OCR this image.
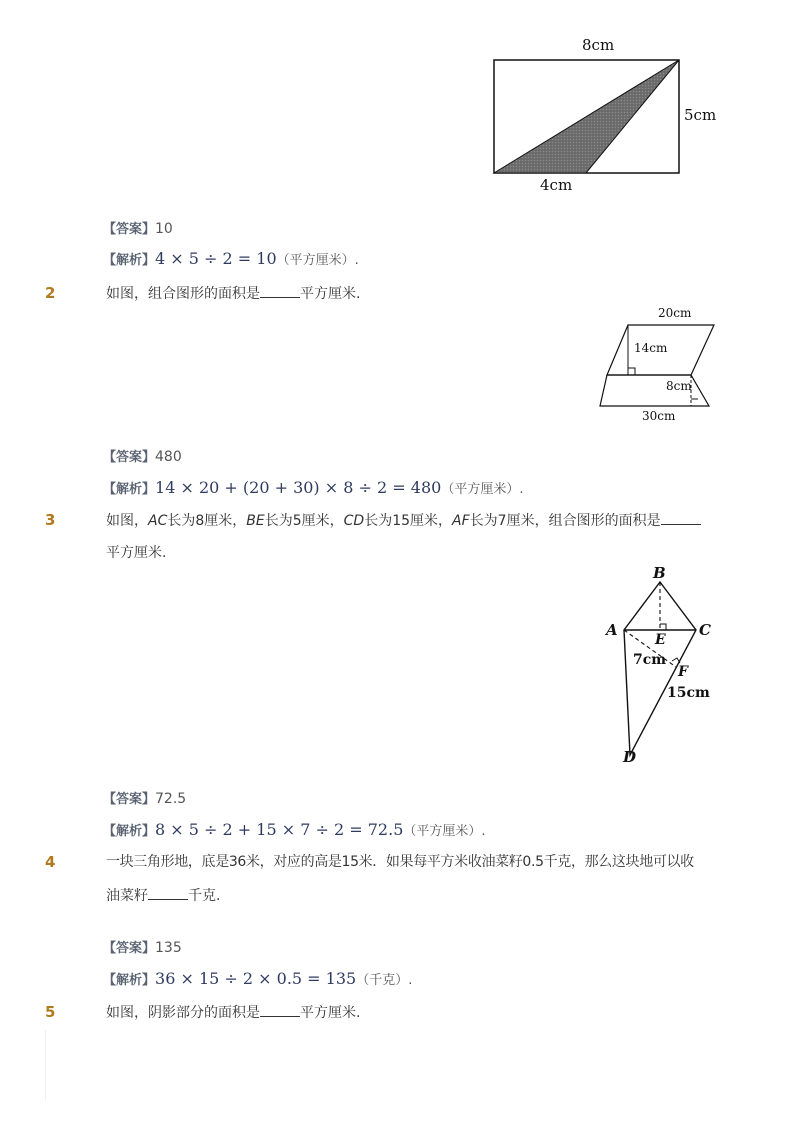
8cm
5cm
4cm
【答案】10
【解析】4 × 5 ÷ 2 = 10（平方厘米）.
2	如图，组合图形的面积是	平方厘米.
20cm
14cm
8cm
30cm
【答案】480
【解析】14 × 20 + (20 + 30) × 8 ÷ 2 = 480（平方厘米）.
3	如图，AC长为8厘米，BE长为5厘米，CD长为15厘米，AF长为7厘米，组合图形的面积是
平方厘米.
B
A	C
E
F
D
7cm
15cm
【答案】72.5
【解析】8 × 5 ÷ 2 + 15 × 7 ÷ 2 = 72.5（平方厘米）.
4	一块三角形地，底是36米，对应的高是15米．如果每平方米收油菜籽0.5千克，那么这块地可以收
油菜籽	千克.
【答案】135
【解析】36 × 15 ÷ 2 × 0.5 = 135（千克）.
5	如图，阴影部分的面积是	平方厘米.
